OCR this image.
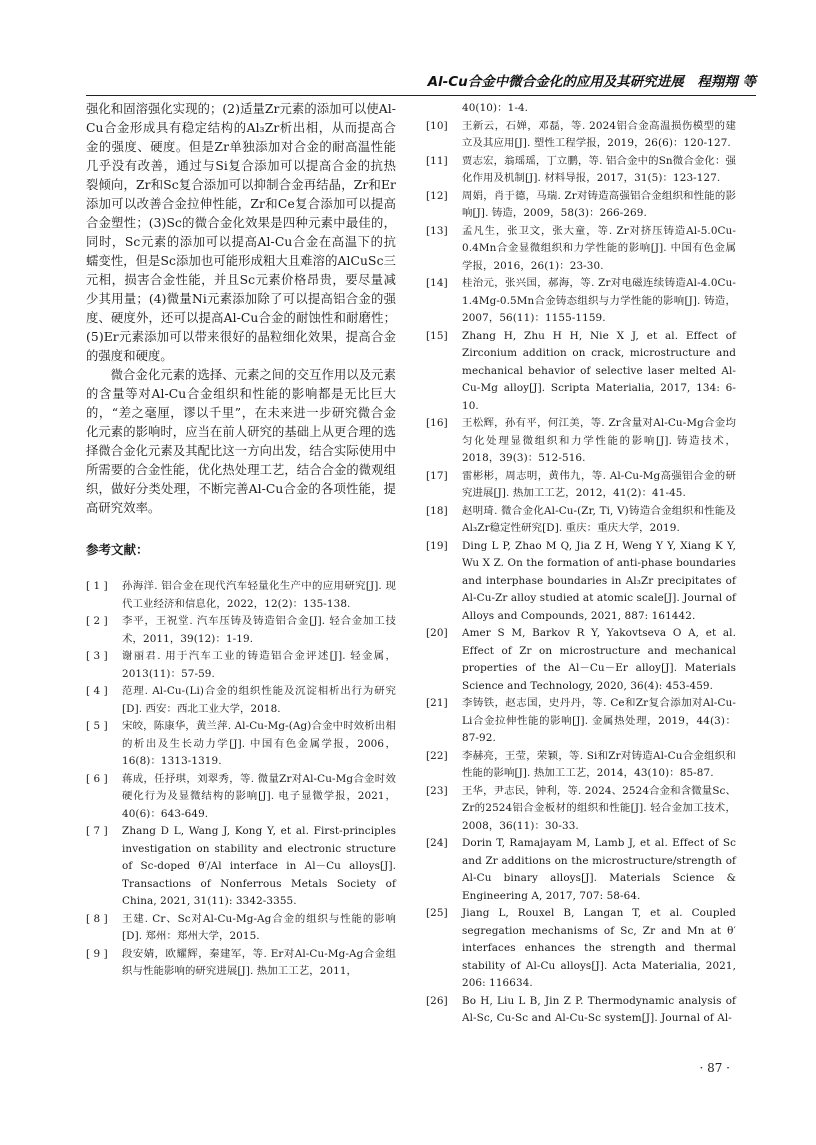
Al-Cu合金中微合金化的应用及其研究进展　程翔翔 等

强化和固溶强化实现的；(2)适量Zr元素的添加可以使Al-Cu合金形成具有稳定结构的Al₃Zr析出相，从而提高合金的强度、硬度。但是Zr单独添加对合金的耐高温性能几乎没有改善，通过与Si复合添加可以提高合金的抗热裂倾向，Zr和Sc复合添加可以抑制合金再结晶，Zr和Er添加可以改善合金拉伸性能，Zr和Ce复合添加可以提高合金塑性；(3)Sc的微合金化效果是四种元素中最佳的，同时，Sc元素的添加可以提高Al-Cu合金在高温下的抗蠕变性，但是Sc添加也可能形成粗大且难溶的AlCuSc三元相，损害合金性能，并且Sc元素价格昂贵，要尽量减少其用量；(4)微量Ni元素添加除了可以提高铝合金的强度、硬度外，还可以提高Al-Cu合金的耐蚀性和耐磨性；(5)Er元素添加可以带来很好的晶粒细化效果，提高合金的强度和硬度。

微合金化元素的选择、元素之间的交互作用以及元素的含量等对Al-Cu合金组织和性能的影响都是无比巨大的，“差之毫厘，谬以千里”，在未来进一步研究微合金化元素的影响时，应当在前人研究的基础上从更合理的选择微合金化元素及其配比这一方向出发，结合实际使用中所需要的合金性能，优化热处理工艺，结合合金的微观组织，做好分类处理，不断完善Al-Cu合金的各项性能，提高研究效率。

参考文献：

[ 1 ]	孙海洋. 铝合金在现代汽车轻量化生产中的应用研究[J]. 现代工业经济和信息化，2022，12(2)：135-138.

[ 2 ]	李平，王祝堂. 汽车压铸及铸造铝合金[J]. 轻合金加工技术，2011，39(12)：1-19.

[ 3 ]	谢丽君. 用于汽车工业的铸造铝合金评述[J]. 轻金属，2013(11)：57-59.

[ 4 ]	范理. Al-Cu-(Li)合金的组织性能及沉淀相析出行为研究[D]. 西安：西北工业大学，2018.

[ 5 ]	宋皎，陈康华，黄兰萍. Al-Cu-Mg-(Ag)合金中时效析出相的析出及生长动力学[J]. 中国有色金属学报，2006，16(8)：1313-1319.

[ 6 ]	蒋成，任抒琪，刘翠秀，等. 微量Zr对Al-Cu-Mg合金时效硬化行为及显微结构的影响[J]. 电子显微学报，2021，40(6)：643-649.

[ 7 ]	Zhang D L, Wang J, Kong Y, et al. First-principles investigation on stability and electronic structure of Sc-doped θ′/Al interface in Al－Cu alloys[J]. Transactions of Nonferrous Metals Society of China, 2021, 31(11): 3342-3355.

[ 8 ]	王建. Cr、Sc对Al-Cu-Mg-Ag合金的组织与性能的影响[D]. 郑州：郑州大学，2015.

[ 9 ]	段安婧，欧耀辉，秦建军，等. Er对Al-Cu-Mg-Ag合金组织与性能影响的研究进展[J]. 热加工工艺，2011，

40(10)：1-4.

[10]	王新云，石婵，邓磊，等. 2024铝合金高温损伤模型的建立及其应用[J]. 塑性工程学报，2019，26(6)：120-127.

[11]	贾志宏，翁瑶瑶，丁立鹏，等. 铝合金中的Sn微合金化：强化作用及机制[J]. 材料导报，2017，31(5)：123-127.

[12]	周娟，肖于德，马瑞. Zr对铸造高强铝合金组织和性能的影响[J]. 铸造，2009，58(3)：266-269.

[13]	孟凡生，张卫文，张大童，等. Zr对挤压铸造Al-5.0Cu-0.4Mn合金显微组织和力学性能的影响[J]. 中国有色金属学报，2016，26(1)：23-30.

[14]	桂治元，张兴国，郝海，等. Zr对电磁连续铸造Al-4.0Cu-1.4Mg-0.5Mn合金铸态组织与力学性能的影响[J]. 铸造，2007，56(11)：1155-1159.

[15]	Zhang H, Zhu H H, Nie X J, et al. Effect of Zirconium addition on crack, microstructure and mechanical behavior of selective laser melted Al-Cu-Mg alloy[J]. Scripta Materialia, 2017, 134: 6-10.

[16]	王松辉，孙有平，何江美，等. Zr含量对Al-Cu-Mg合金均匀化处理显微组织和力学性能的影响[J]. 铸造技术，2018，39(3)：512-516.

[17]	雷彬彬，周志明，黄伟九，等. Al-Cu-Mg高强铝合金的研究进展[J]. 热加工工艺，2012，41(2)：41-45.

[18]	赵明琦. 微合金化Al-Cu-(Zr, Ti, V)铸造合金组织和性能及Al₃Zr稳定性研究[D]. 重庆：重庆大学，2019.

[19]	Ding L P, Zhao M Q, Jia Z H, Weng Y Y, Xiang K Y, Wu X Z. On the formation of anti-phase boundaries and interphase boundaries in Al₃Zr precipitates of Al-Cu-Zr alloy studied at atomic scale[J]. Journal of Alloys and Compounds, 2021, 887: 161442.

[20]	Amer S M, Barkov R Y, Yakovtseva O A, et al. Effect of Zr on microstructure and mechanical properties of the Al－Cu－Er alloy[J]. Materials Science and Technology, 2020, 36(4): 453-459.

[21]	李铸铁，赵志国，史丹丹，等. Ce和Zr复合添加对Al-Cu-Li合金拉伸性能的影响[J]. 金属热处理，2019，44(3)：87-92.

[22]	李赫亮，王莹，荣颖，等. Si和Zr对铸造Al-Cu合金组织和性能的影响[J]. 热加工工艺，2014，43(10)：85-87.

[23]	王华，尹志民，钟利，等. 2024、2524合金和含微量Sc、Zr的2524铝合金板材的组织和性能[J]. 轻合金加工技术，2008，36(11)：30-33.

[24]	Dorin T, Ramajayam M, Lamb J, et al. Effect of Sc and Zr additions on the microstructure/strength of Al-Cu binary alloys[J]. Materials Science & Engineering A, 2017, 707: 58-64.

[25]	Jiang L, Rouxel B, Langan T, et al. Coupled segregation mechanisms of Sc, Zr and Mn at θ′ interfaces enhances the strength and thermal stability of Al-Cu alloys[J]. Acta Materialia, 2021, 206: 116634.

[26]	Bo H, Liu L B, Jin Z P. Thermodynamic analysis of Al-Sc, Cu-Sc and Al-Cu-Sc system[J]. Journal of Al-

· 87 ·
